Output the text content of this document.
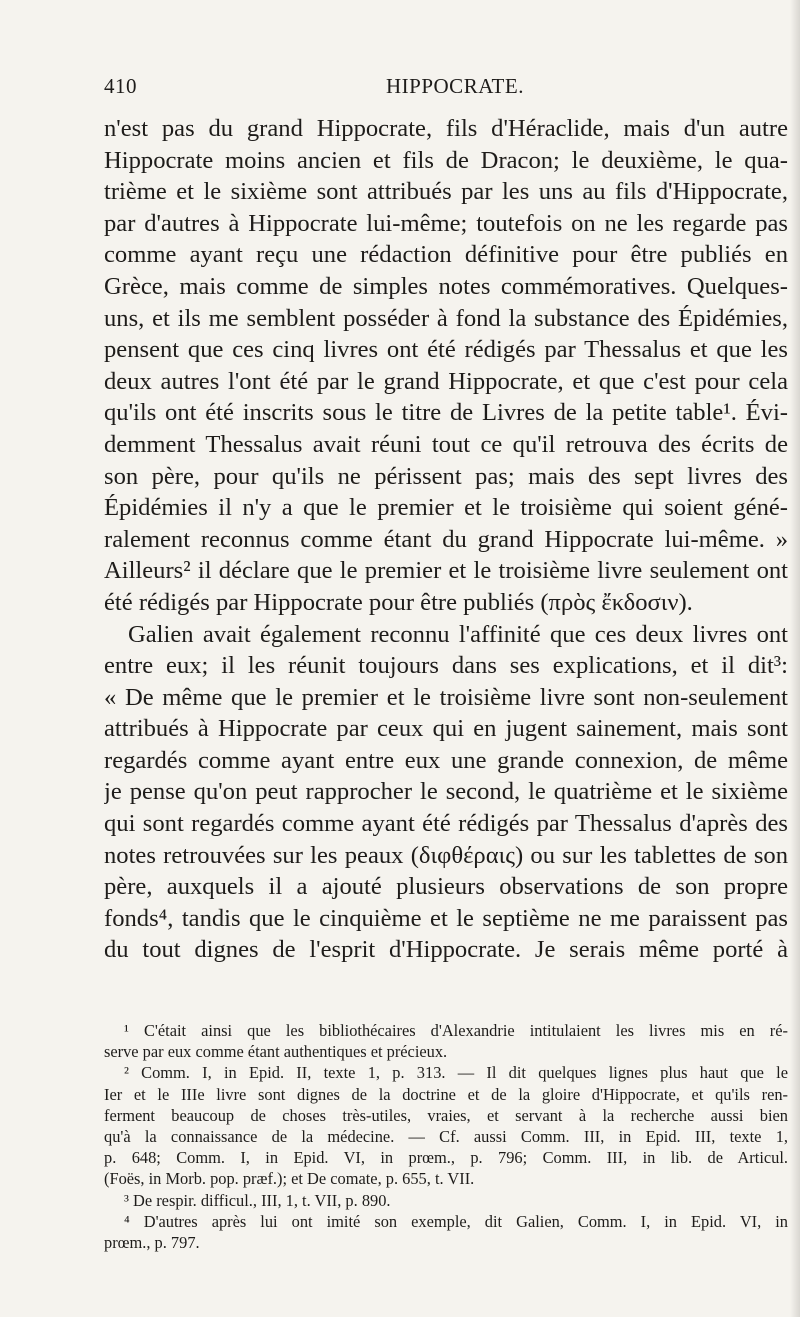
410	HIPPOCRATE.
n'est pas du grand Hippocrate, fils d'Héraclide, mais d'un autre
Hippocrate moins ancien et fils de Dracon; le deuxième, le qua-
trième et le sixième sont attribués par les uns au fils d'Hippocrate,
par d'autres à Hippocrate lui-même; toutefois on ne les regarde pas
comme ayant reçu une rédaction définitive pour être publiés en
Grèce, mais comme de simples notes commémoratives. Quelques-
uns, et ils me semblent posséder à fond la substance des Épidémies,
pensent que ces cinq livres ont été rédigés par Thessalus et que les
deux autres l'ont été par le grand Hippocrate, et que c'est pour cela
qu'ils ont été inscrits sous le titre de Livres de la petite table¹. Évi-
demment Thessalus avait réuni tout ce qu'il retrouva des écrits de
son père, pour qu'ils ne périssent pas; mais des sept livres des
Épidémies il n'y a que le premier et le troisième qui soient géné-
ralement reconnus comme étant du grand Hippocrate lui-même. »
Ailleurs² il déclare que le premier et le troisième livre seulement ont
été rédigés par Hippocrate pour être publiés (πρὸς ἔκδοσιν).
Galien avait également reconnu l'affinité que ces deux livres ont
entre eux; il les réunit toujours dans ses explications, et il dit³:
« De même que le premier et le troisième livre sont non-seulement
attribués à Hippocrate par ceux qui en jugent sainement, mais sont
regardés comme ayant entre eux une grande connexion, de même
je pense qu'on peut rapprocher le second, le quatrième et le sixième
qui sont regardés comme ayant été rédigés par Thessalus d'après des
notes retrouvées sur les peaux (διφθέραις) ou sur les tablettes de son
père, auxquels il a ajouté plusieurs observations de son propre
fonds⁴, tandis que le cinquième et le septième ne me paraissent pas
du tout dignes de l'esprit d'Hippocrate. Je serais même porté à
¹ C'était ainsi que les bibliothécaires d'Alexandrie intitulaient les livres mis en ré-
serve par eux comme étant authentiques et précieux.
² Comm. I, in Epid. II, texte 1, p. 313. — Il dit quelques lignes plus haut que le
Ier et le IIIe livre sont dignes de la doctrine et de la gloire d'Hippocrate, et qu'ils ren-
ferment beaucoup de choses très-utiles, vraies, et servant à la recherche aussi bien
qu'à la connaissance de la médecine. — Cf. aussi Comm. III, in Epid. III, texte 1,
p. 648; Comm. I, in Epid. VI, in prœm., p. 796; Comm. III, in lib. de Articul.
(Foës, in Morb. pop. præf.); et De comate, p. 655, t. VII.
³ De respir. difficul., III, 1, t. VII, p. 890.
⁴ D'autres après lui ont imité son exemple, dit Galien, Comm. I, in Epid. VI, in
prœm., p. 797.
